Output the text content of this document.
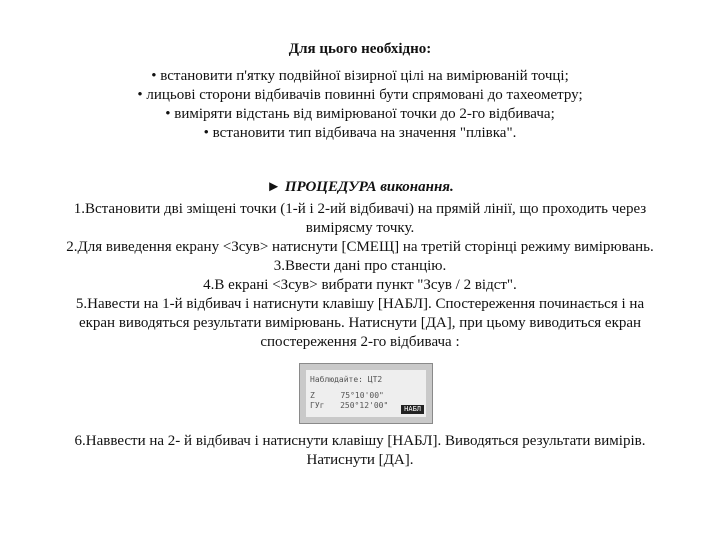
Для цього необхідно:
• встановити п'ятку подвійної візирної цілі на вимірюваній точці;
• лицьові сторони відбивачів повинні бути спрямовані до тахеометру;
• виміряти відстань від вимірюваної точки до 2-го відбивача;
• встановити тип відбивача на значення "плівка".
► ПРОЦЕДУРА виконання.
1.Встановити дві зміщені точки (1-й і 2-ий відбивачі) на прямій лінії, що проходить через
вимірясму точку.
2.Для виведення екрану <Зсув> натиснути [СМЕЩ] на третій сторінці режиму вимірювань.
3.Ввести дані про станцію.
4.В екрані <Зсув> вибрати пункт "Зсув / 2 відст".
5.Навести на 1-й відбивач і натиснути клавішу [НАБЛ]. Спостереження починається і на
екран виводяться результати вимірювань. Натиснути [ДА], при цьому виводиться екран
спостереження 2-го відбивача :
Наблюдайте: ЦТ2
Z	75°10'00"
ГУг 250°12'00"	НАБЛ
6.Наввести на 2- й відбивач і натиснути клавішу [НАБЛ]. Виводяться результати вимірів.
Натиснути [ДА].
